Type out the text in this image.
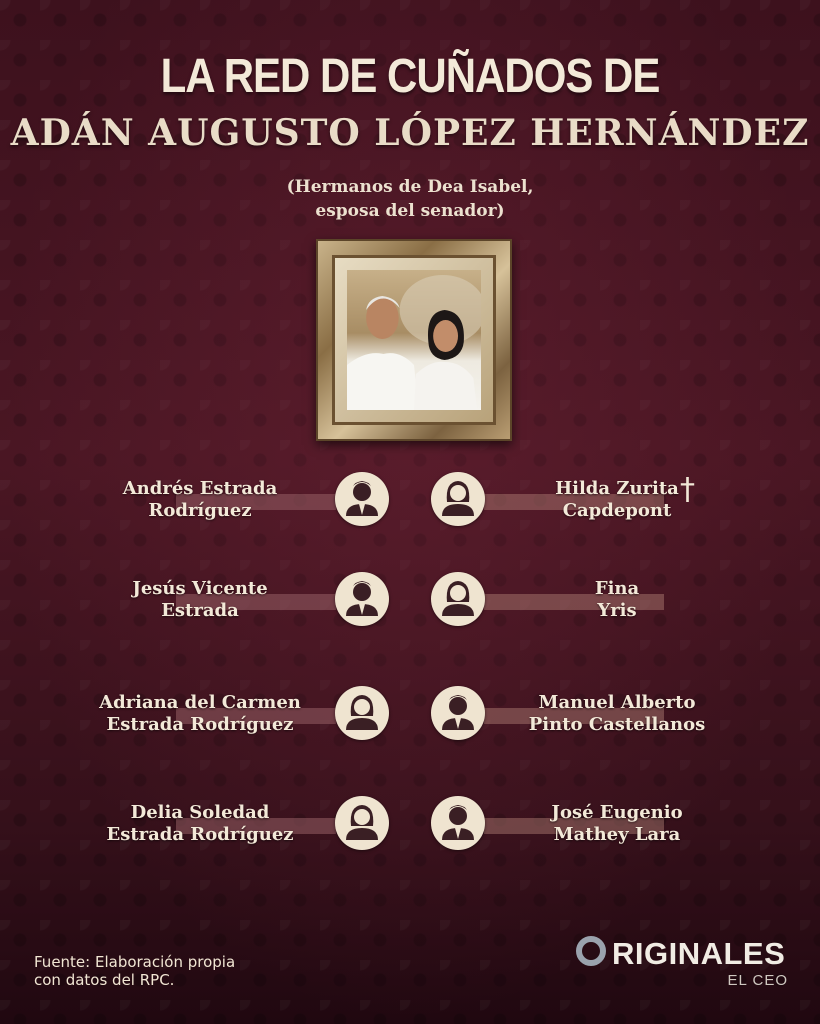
LA RED DE CUÑADOS DE
ADÁN AUGUSTO LÓPEZ HERNÁNDEZ
(Hermanos de Dea Isabel,
esposa del senador)
Andrés Estrada
Rodríguez
Hilda Zurita
Capdepont
†
Jesús Vicente
Estrada
Fina
Yris
Adriana del Carmen
Estrada Rodríguez
Manuel Alberto
Pinto Castellanos
Delia Soledad
Estrada Rodríguez
José Eugenio
Mathey Lara
Fuente: Elaboración propia
con datos del RPC.
RIGINALES
EL CEO
